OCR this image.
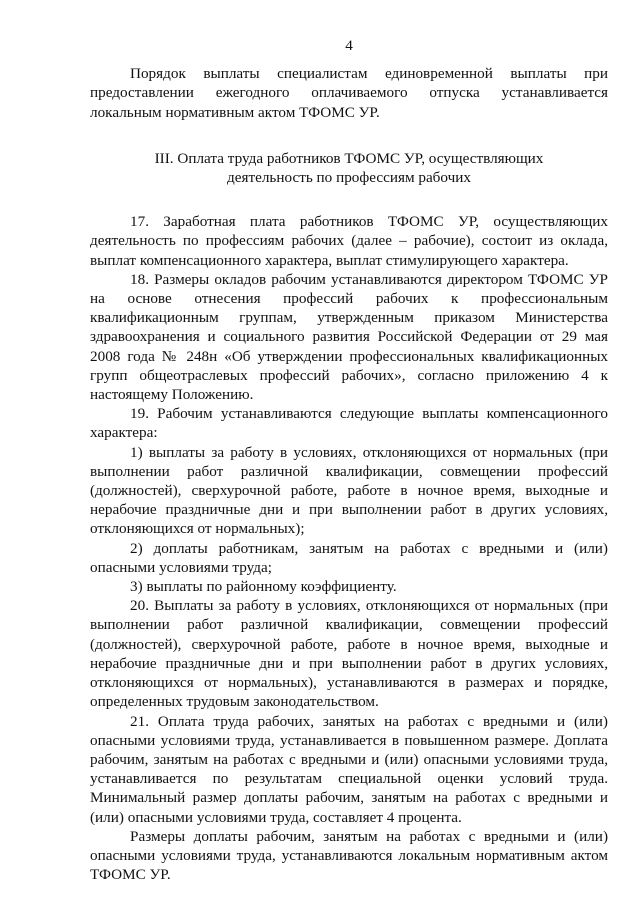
4

Порядок выплаты специалистам единовременной выплаты при предоставлении ежегодного оплачиваемого отпуска устанавливается локальным нормативным актом ТФОМС УР.

III. Оплата труда работников ТФОМС УР, осуществляющих
деятельность по профессиям рабочих

17. Заработная плата работников ТФОМС УР, осуществляющих деятельность по профессиям рабочих (далее – рабочие), состоит из оклада, выплат компенсационного характера, выплат стимулирующего характера.

18. Размеры окладов рабочим устанавливаются директором ТФОМС УР на основе отнесения профессий рабочих к профессиональным квалификационным группам, утвержденным приказом Министерства здравоохранения и социального развития Российской Федерации от 29 мая 2008 года № 248н «Об утверждении профессиональных квалификационных групп общеотраслевых профессий рабочих», согласно приложению 4 к настоящему Положению.

19. Рабочим устанавливаются следующие выплаты компенсационного характера:

1) выплаты за работу в условиях, отклоняющихся от нормальных (при выполнении работ различной квалификации, совмещении профессий (должностей), сверхурочной работе, работе в ночное время, выходные и нерабочие праздничные дни и при выполнении работ в других условиях, отклоняющихся от нормальных);

2) доплаты работникам, занятым на работах с вредными и (или) опасными условиями труда;

3) выплаты по районному коэффициенту.

20. Выплаты за работу в условиях, отклоняющихся от нормальных (при выполнении работ различной квалификации, совмещении профессий (должностей), сверхурочной работе, работе в ночное время, выходные и нерабочие праздничные дни и при выполнении работ в других условиях, отклоняющихся от нормальных), устанавливаются в размерах и порядке, определенных трудовым законодательством.

21. Оплата труда рабочих, занятых на работах с вредными и (или) опасными условиями труда, устанавливается в повышенном размере. Доплата рабочим, занятым на работах с вредными и (или) опасными условиями труда, устанавливается по результатам специальной оценки условий труда. Минимальный размер доплаты рабочим, занятым на работах с вредными и (или) опасными условиями труда, составляет 4 процента.

Размеры доплаты рабочим, занятым на работах с вредными и (или) опасными условиями труда, устанавливаются локальным нормативным актом ТФОМС УР.
